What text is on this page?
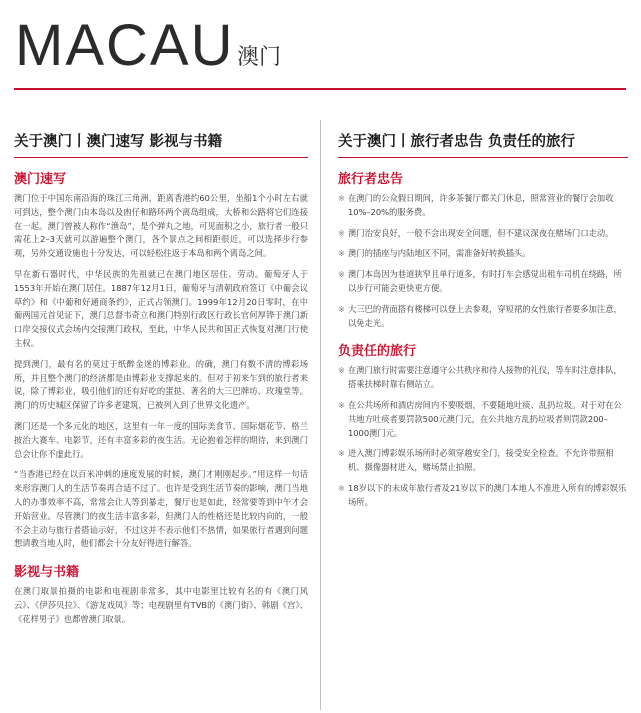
MACAU 澳门
关于澳门丨澳门速写 影视与书籍
澳门速写

澳门位于中国东南沿海的珠江三角洲，距离香港约60公里，坐船1个小时左右就可到达，整个澳门由本岛以及凼仔和路环两个离岛组成，大桥和公路将它们连接在一起。澳门曾被人称作“渔岛”，是个弹丸之地，可见面积之小，旅行者一般只需花上2–3天就可以游遍整个澳门，各个景点之间相距很近，可以选择步行参观，另外交通设施也十分发达，可以轻松往返于本岛和两个离岛之间。

早在新石器时代，中华民族的先祖就已在澳门地区居住、劳动。葡萄牙人于1553年开始在澳门居住。1887年12月1日，葡萄牙与清朝政府签订《中葡会议草约》和《中葡和好通商条约》，正式占领澳门。1999年12月20日零时，在中葡两国元首见证下，澳门总督韦奇立和澳门特别行政区行政长官何厚铧于澳门新口岸交接仪式会场内交接澳门政权，至此，中华人民共和国正式恢复对澳门行使主权。

提到澳门，最有名的莫过于纸醉金迷的博彩业。的确，澳门有数不清的博彩场所，并且整个澳门的经济都是由博彩业支撑起来的。但对于初来乍到的旅行者来说，除了博彩业，吸引他们的还有好吃的蛋挞、著名的大三巴牌坊、玫瑰堂等。澳门的历史城区保留了许多老建筑，已被列入到了世界文化遗产。

澳门还是一个多元化的地区，这里有一年一度的国际美食节、国际烟花节、格兰披治大赛车、电影节，还有丰富多彩的夜生活。无论抱着怎样的期待，来到澳门总会让你不虚此行。

“当香港已经在以百米冲刺的速度发展的时候，澳门才刚刚起步。”用这样一句话来形容澳门人的生活节奏再合适不过了。也许是受到生活节奏的影响，澳门当地人的办事效率不高，常常会让人等到暴走，餐厅也是如此，经常要等到中午才会开始营业。尽管澳门的夜生活丰富多彩，但澳门人的性格还是比较内向的，一般不会主动与旅行者搭讪示好，不过这并不表示他们不热情，如果旅行者遇到问题想请教当地人时，他们都会十分友好得进行解答。

影视与书籍

在澳门取景拍摄的电影和电视剧非常多，其中电影里比较有名的有《澳门风云》、《伊莎贝拉》、《游龙戏凤》等；电视剧里有TVB的《澳门街》、韩剧《宫》、《花样男子》也都曾澳门取景。

关于澳门丨旅行者忠告 负责任的旅行
旅行者忠告
※ 在澳门的公众假日期间，许多茶餐厅都关门休息，照常营业的餐厅会加收10%–20%的服务费。
※ 澳门治安良好，一般不会出现安全问题，但不建议深夜在赌场门口走动。
※ 澳门的插座与内陆地区不同，需准备好转换插头。
※ 澳门本岛因为巷道狭窄且单行道多，有时打车会感觉出租车司机在绕路，所以步行可能会更快更方便。
※ 大三巴的背面搭有楼梯可以登上去参观，穿短裙的女性旅行者要多加注意，以免走光。
负责任的旅行
※ 在澳门旅行时需要注意遵守公共秩序和待人接物的礼仪，等车时注意排队，搭乘扶梯时靠右侧站立。
※ 在公共场所和酒店房间内不要吸烟，不要随地吐痰、乱扔垃圾。对于对在公共地方吐痰者要罚款500元澳门元，在公共地方乱扔垃圾者则罚款200–1000澳门元。
※ 进入澳门博彩娱乐场所时必须穿越安全门，接受安全检查。不允许带照相机、摄像器材进入，赌场禁止拍照。
※ 18岁以下的未成年旅行者及21岁以下的澳门本地人不准进入所有的博彩娱乐场所。
